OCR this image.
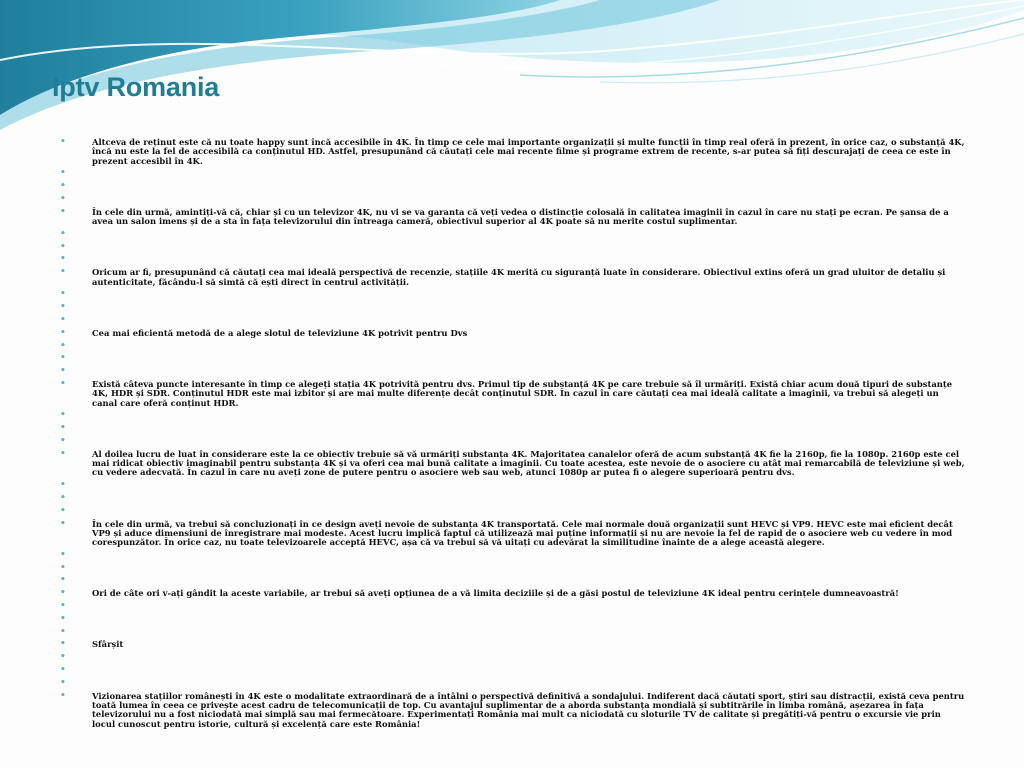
Iptv Romania
•	Altceva de reținut este că nu toate happy sunt încă accesibile în 4K. În timp ce cele mai importante organizații și multe funcții în timp real oferă în prezent, în orice caz, o substanță 4K, încă nu este la fel de accesibilă ca conținutul HD. Astfel, presupunând că căutați cele mai recente filme și programe extrem de recente, s-ar putea să fiți descurajați de ceea ce este în prezent accesibil în 4K.
•
•
•
•	În cele din urmă, amintiți-vă că, chiar și cu un televizor 4K, nu vi se va garanta că veți vedea o distincție colosală în calitatea imaginii în cazul în care nu stați pe ecran. Pe șansa de a avea un salon imens și de a sta în fața televizorului din întreaga cameră, obiectivul superior al 4K poate să nu merite costul suplimentar.
•
•
•
•	Oricum ar fi, presupunând că căutați cea mai ideală perspectivă de recenzie, stațiile 4K merită cu siguranță luate în considerare. Obiectivul extins oferă un grad uluitor de detaliu și autenticitate, făcându-l să simtă că ești direct în centrul activității.
•
•
•
•	Cea mai eficientă metodă de a alege slotul de televiziune 4K potrivit pentru Dvs
•
•
•
•	Există câteva puncte interesante în timp ce alegeți stația 4K potrivită pentru dvs. Primul tip de substanță 4K pe care trebuie să îl urmăriți. Există chiar acum două tipuri de substanțe 4K, HDR și SDR. Conținutul HDR este mai izbitor și are mai multe diferențe decât conținutul SDR. În cazul în care căutați cea mai ideală calitate a imaginii, va trebui să alegeți un canal care oferă conținut HDR.
•
•
•
•	Al doilea lucru de luat în considerare este la ce obiectiv trebuie să vă urmăriți substanța 4K. Majoritatea canalelor oferă de acum substanță 4K fie la 2160p, fie la 1080p. 2160p este cel mai ridicat obiectiv imaginabil pentru substanța 4K și va oferi cea mai bună calitate a imaginii. Cu toate acestea, este nevoie de o asociere cu atât mai remarcabilă de televiziune și web, cu vedere adecvată. În cazul în care nu aveți zone de putere pentru o asociere web sau web, atunci 1080p ar putea fi o alegere superioară pentru dvs.
•
•
•
•	În cele din urmă, va trebui să concluzionați în ce design aveți nevoie de substanța 4K transportată. Cele mai normale două organizații sunt HEVC și VP9. HEVC este mai eficient decât VP9 și aduce dimensiuni de înregistrare mai modeste. Acest lucru implică faptul că utilizează mai puține informații și nu are nevoie la fel de rapid de o asociere web cu vedere în mod corespunzător. În orice caz, nu toate televizoarele acceptă HEVC, așa că va trebui să vă uitați cu adevărat la similitudine înainte de a alege această alegere.
•
•
•
•	Ori de câte ori v-ați gândit la aceste variabile, ar trebui să aveți opțiunea de a vă limita deciziile și de a găsi postul de televiziune 4K ideal pentru cerințele dumneavoastră!
•
•
•
•	Sfârșit
•
•
•
•	Vizionarea stațiilor românești în 4K este o modalitate extraordinară de a întâlni o perspectivă definitivă a sondajului. Indiferent dacă căutați sport, știri sau distracții, există ceva pentru toată lumea în ceea ce privește acest cadru de telecomunicații de top. Cu avantajul suplimentar de a aborda substanța mondială și subtitrările în limba română, așezarea în fața televizorului nu a fost niciodată mai simplă sau mai fermecătoare. Experimentați România mai mult ca niciodată cu sloturile TV de calitate și pregătiți-vă pentru o excursie vie prin locul cunoscut pentru istorie, cultură și excelență care este România!
